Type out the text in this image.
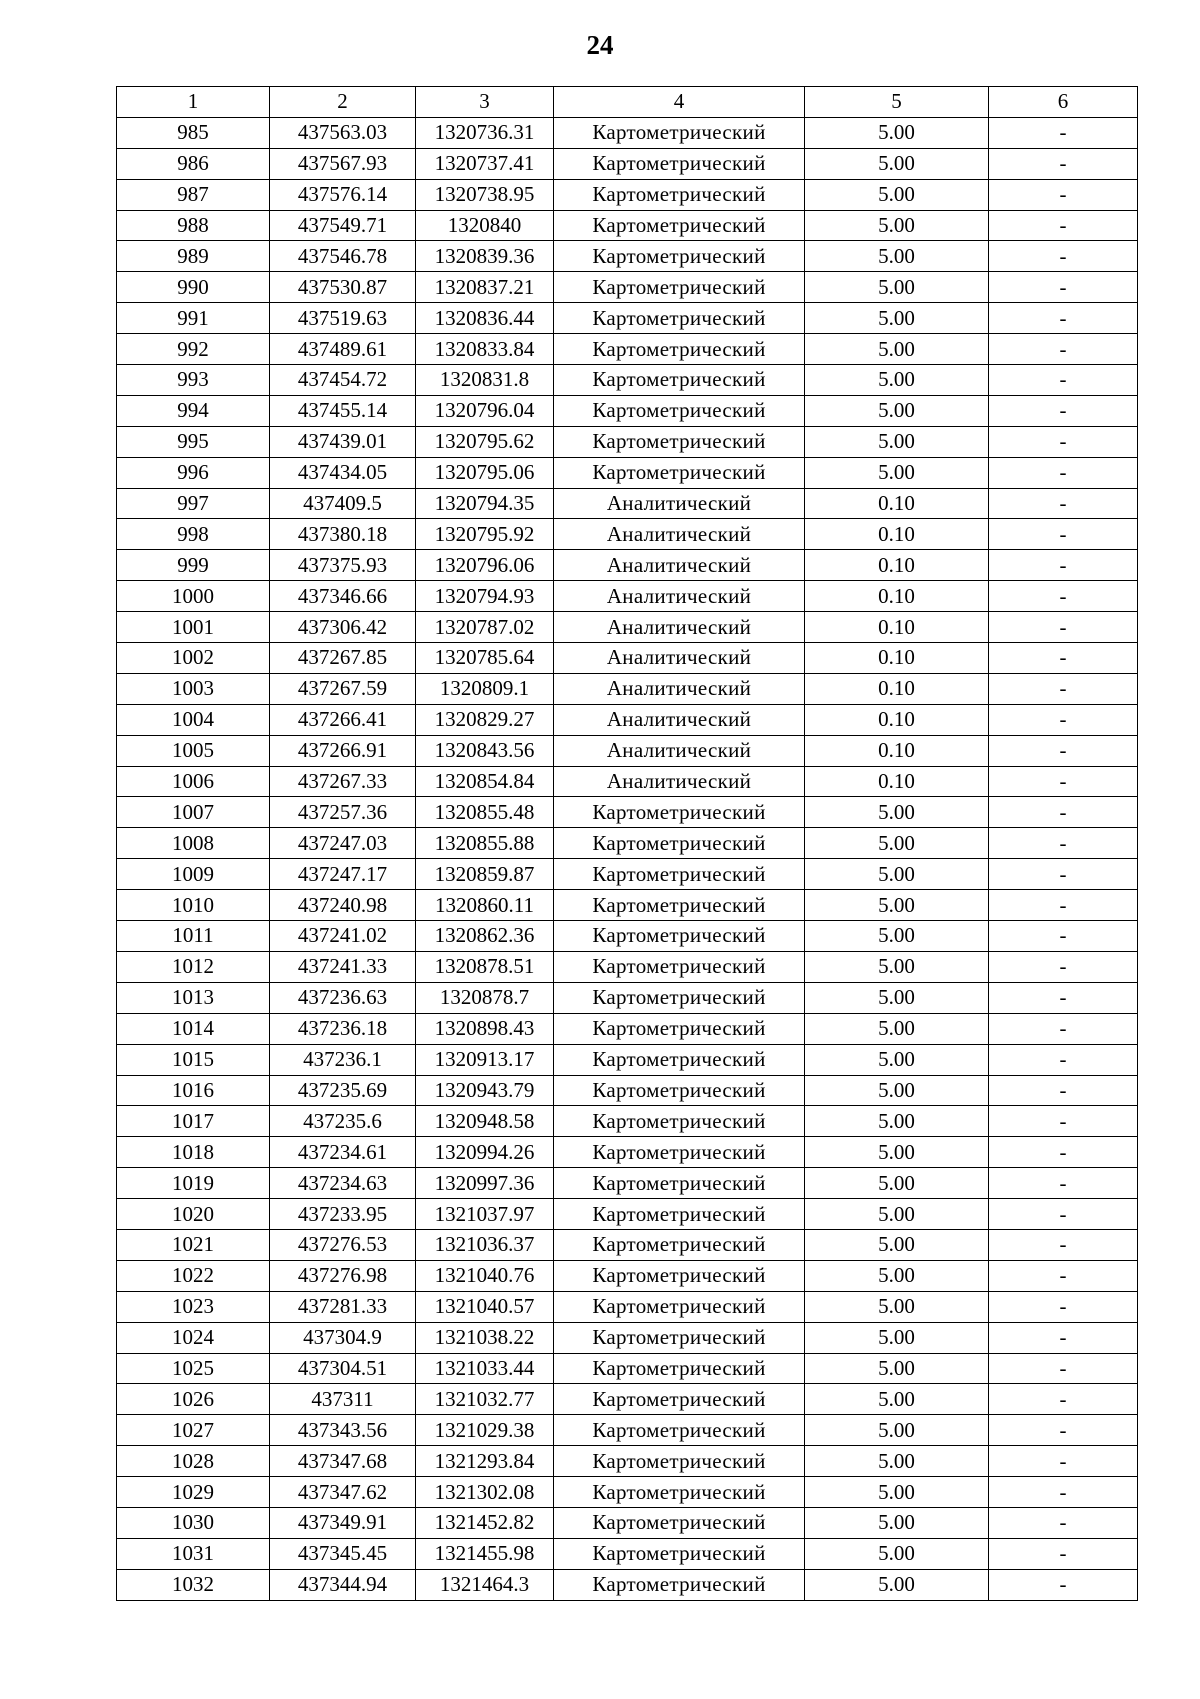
24
1	2	3	4	5	6
985	437563.03	1320736.31	Картометрический	5.00	-
986	437567.93	1320737.41	Картометрический	5.00	-
987	437576.14	1320738.95	Картометрический	5.00	-
988	437549.71	1320840	Картометрический	5.00	-
989	437546.78	1320839.36	Картометрический	5.00	-
990	437530.87	1320837.21	Картометрический	5.00	-
991	437519.63	1320836.44	Картометрический	5.00	-
992	437489.61	1320833.84	Картометрический	5.00	-
993	437454.72	1320831.8	Картометрический	5.00	-
994	437455.14	1320796.04	Картометрический	5.00	-
995	437439.01	1320795.62	Картометрический	5.00	-
996	437434.05	1320795.06	Картометрический	5.00	-
997	437409.5	1320794.35	Аналитический	0.10	-
998	437380.18	1320795.92	Аналитический	0.10	-
999	437375.93	1320796.06	Аналитический	0.10	-
1000	437346.66	1320794.93	Аналитический	0.10	-
1001	437306.42	1320787.02	Аналитический	0.10	-
1002	437267.85	1320785.64	Аналитический	0.10	-
1003	437267.59	1320809.1	Аналитический	0.10	-
1004	437266.41	1320829.27	Аналитический	0.10	-
1005	437266.91	1320843.56	Аналитический	0.10	-
1006	437267.33	1320854.84	Аналитический	0.10	-
1007	437257.36	1320855.48	Картометрический	5.00	-
1008	437247.03	1320855.88	Картометрический	5.00	-
1009	437247.17	1320859.87	Картометрический	5.00	-
1010	437240.98	1320860.11	Картометрический	5.00	-
1011	437241.02	1320862.36	Картометрический	5.00	-
1012	437241.33	1320878.51	Картометрический	5.00	-
1013	437236.63	1320878.7	Картометрический	5.00	-
1014	437236.18	1320898.43	Картометрический	5.00	-
1015	437236.1	1320913.17	Картометрический	5.00	-
1016	437235.69	1320943.79	Картометрический	5.00	-
1017	437235.6	1320948.58	Картометрический	5.00	-
1018	437234.61	1320994.26	Картометрический	5.00	-
1019	437234.63	1320997.36	Картометрический	5.00	-
1020	437233.95	1321037.97	Картометрический	5.00	-
1021	437276.53	1321036.37	Картометрический	5.00	-
1022	437276.98	1321040.76	Картометрический	5.00	-
1023	437281.33	1321040.57	Картометрический	5.00	-
1024	437304.9	1321038.22	Картометрический	5.00	-
1025	437304.51	1321033.44	Картометрический	5.00	-
1026	437311	1321032.77	Картометрический	5.00	-
1027	437343.56	1321029.38	Картометрический	5.00	-
1028	437347.68	1321293.84	Картометрический	5.00	-
1029	437347.62	1321302.08	Картометрический	5.00	-
1030	437349.91	1321452.82	Картометрический	5.00	-
1031	437345.45	1321455.98	Картометрический	5.00	-
1032	437344.94	1321464.3	Картометрический	5.00	-
